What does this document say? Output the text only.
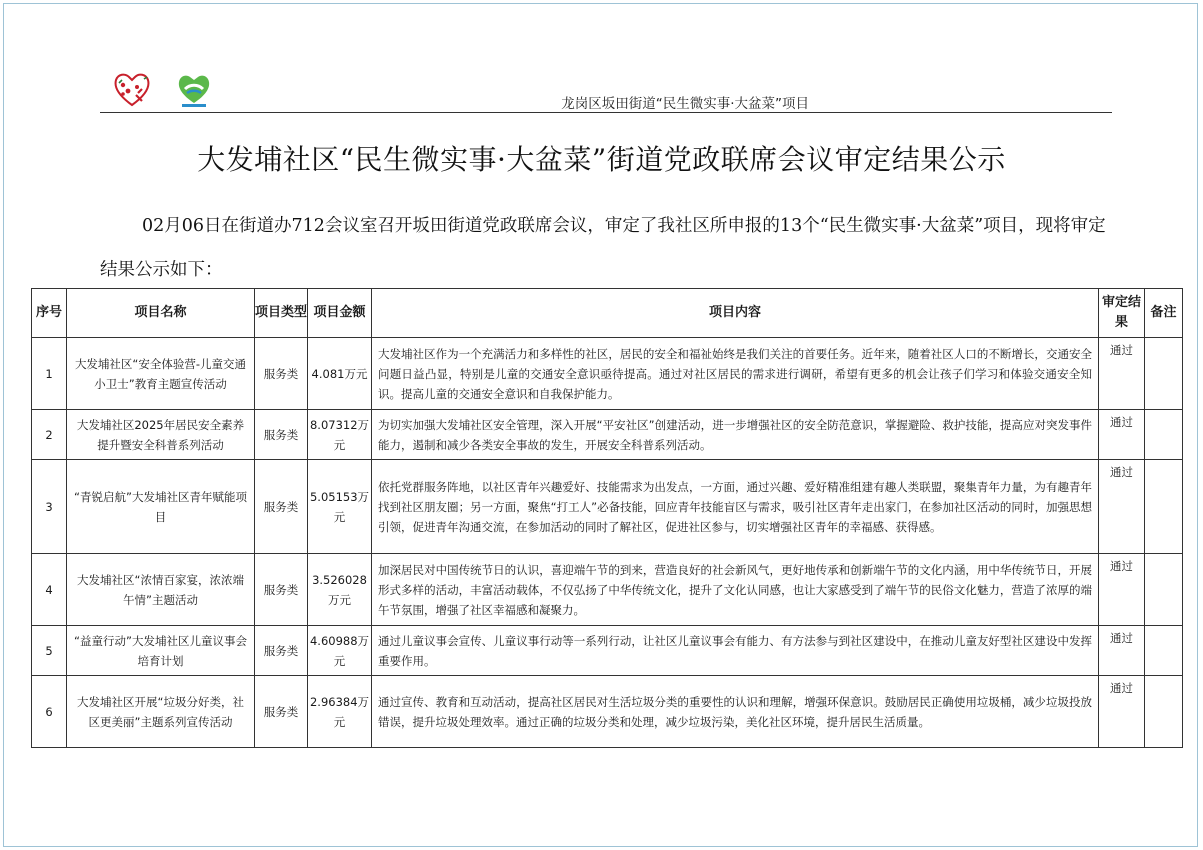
龙岗区坂田街道“民生微实事·大盆菜”项目
大发埔社区“民生微实事·大盆菜”街道党政联席会议审定结果公示
02月06日在街道办712会议室召开坂田街道党政联席会议，审定了我社区所申报的13个“民生微实事·大盆菜”项目，现将审定结果公示如下：
序号	项目名称	项目类型	项目金额	项目内容	审定结果	备注
1	大发埔社区“安全体验营-儿童交通小卫士”教育主题宣传活动	服务类	4.081万元	大发埔社区作为一个充满活力和多样性的社区，居民的安全和福祉始终是我们关注的首要任务。近年来，随着社区人口的不断增长，交通安全问题日益凸显，特别是儿童的交通安全意识亟待提高。通过对社区居民的需求进行调研，希望有更多的机会让孩子们学习和体验交通安全知识。提高儿童的交通安全意识和自我保护能力。	通过	
2	大发埔社区2025年居民安全素养提升暨安全科普系列活动	服务类	8.07312万元	为切实加强大发埔社区安全管理，深入开展“平安社区”创建活动，进一步增强社区的安全防范意识，掌握避险、救护技能，提高应对突发事件能力，遏制和减少各类安全事故的发生，开展安全科普系列活动。	通过	
3	“青锐启航”大发埔社区青年赋能项目	服务类	5.05153万元	依托党群服务阵地，以社区青年兴趣爱好、技能需求为出发点，一方面，通过兴趣、爱好精准组建有趣人类联盟，聚集青年力量，为有趣青年找到社区朋友圈；另一方面，聚焦“打工人”必备技能，回应青年技能盲区与需求，吸引社区青年走出家门，在参加社区活动的同时，加强思想引领，促进青年沟通交流，在参加活动的同时了解社区，促进社区参与，切实增强社区青年的幸福感、获得感。	通过	
4	大发埔社区“浓情百家宴，浓浓端午情”主题活动	服务类	3.526028万元	加深居民对中国传统节日的认识，喜迎端午节的到来，营造良好的社会新风气，更好地传承和创新端午节的文化内涵，用中华传统节日，开展形式多样的活动，丰富活动载体，不仅弘扬了中华传统文化，提升了文化认同感，也让大家感受到了端午节的民俗文化魅力，营造了浓厚的端午节氛围，增强了社区幸福感和凝聚力。	通过	
5	“益童行动”大发埔社区儿童议事会培育计划	服务类	4.60988万元	通过儿童议事会宣传、儿童议事行动等一系列行动，让社区儿童议事会有能力、有方法参与到社区建设中，在推动儿童友好型社区建设中发挥重要作用。	通过	
6	大发埔社区开展“垃圾分好类，社区更美丽”主题系列宣传活动	服务类	2.96384万元	通过宣传、教育和互动活动，提高社区居民对生活垃圾分类的重要性的认识和理解，增强环保意识。鼓励居民正确使用垃圾桶，减少垃圾投放错误，提升垃圾处理效率。通过正确的垃圾分类和处理，减少垃圾污染，美化社区环境，提升居民生活质量。	通过	
